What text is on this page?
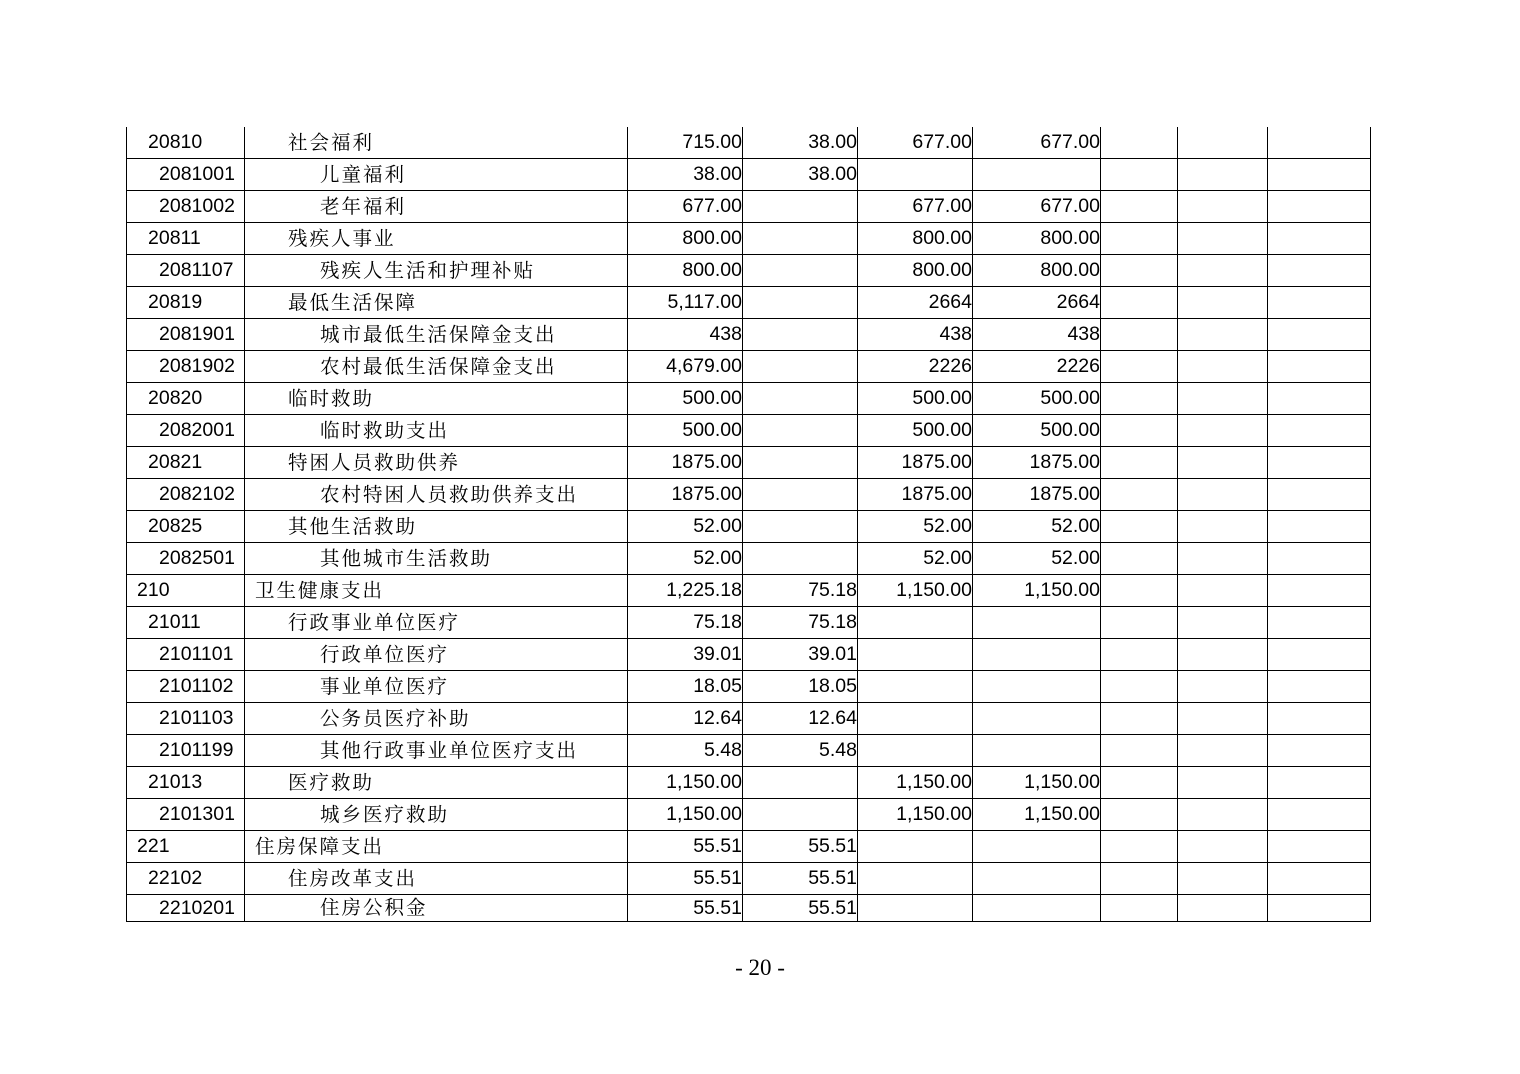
20810	社会福利	715.00	38.00	677.00	677.00			
2081001	儿童福利	38.00	38.00					
2081002	老年福利	677.00		677.00	677.00			
20811	残疾人事业	800.00		800.00	800.00			
2081107	残疾人生活和护理补贴	800.00		800.00	800.00			
20819	最低生活保障	5,117.00		2664	2664			
2081901	城市最低生活保障金支出	438		438	438			
2081902	农村最低生活保障金支出	4,679.00		2226	2226			
20820	临时救助	500.00		500.00	500.00			
2082001	临时救助支出	500.00		500.00	500.00			
20821	特困人员救助供养	1875.00		1875.00	1875.00			
2082102	农村特困人员救助供养支出	1875.00		1875.00	1875.00			
20825	其他生活救助	52.00		52.00	52.00			
2082501	其他城市生活救助	52.00		52.00	52.00			
210	卫生健康支出	1,225.18	75.18	1,150.00	1,150.00			
21011	行政事业单位医疗	75.18	75.18					
2101101	行政单位医疗	39.01	39.01					
2101102	事业单位医疗	18.05	18.05					
2101103	公务员医疗补助	12.64	12.64					
2101199	其他行政事业单位医疗支出	5.48	5.48					
21013	医疗救助	1,150.00		1,150.00	1,150.00			
2101301	城乡医疗救助	1,150.00		1,150.00	1,150.00			
221	住房保障支出	55.51	55.51					
22102	住房改革支出	55.51	55.51					
2210201	住房公积金	55.51	55.51					
- 20 -
